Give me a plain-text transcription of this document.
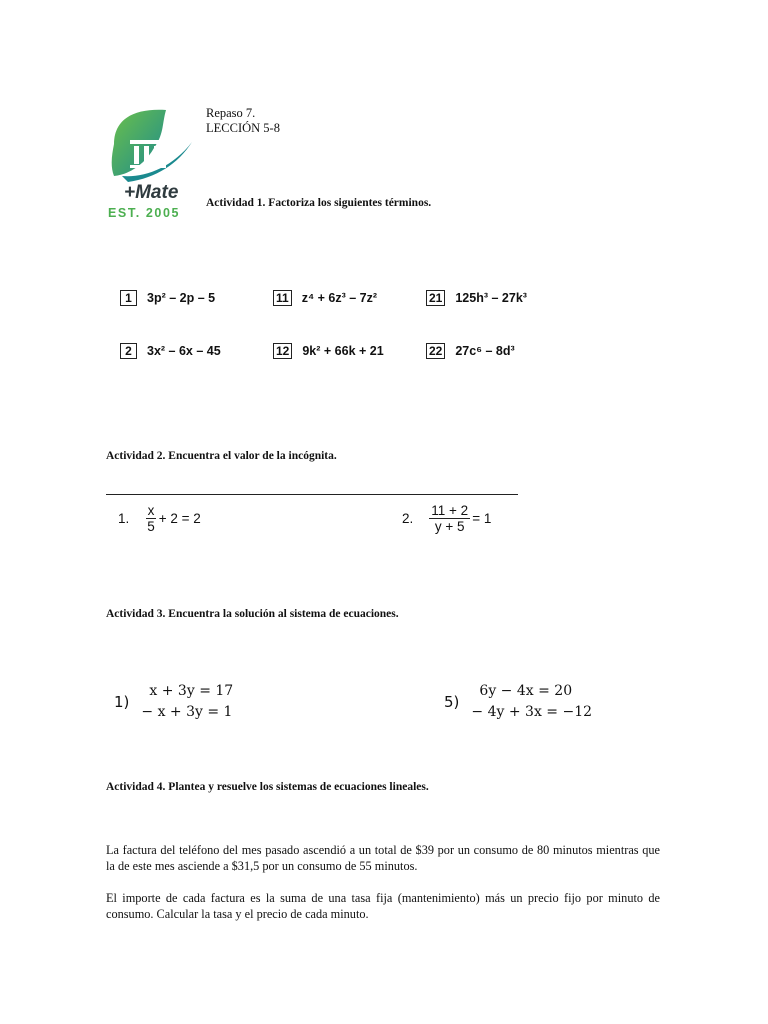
+Mate
EST. 2005
Repaso 7.
LECCIÓN 5-8
Actividad 1. Factoriza los siguientes términos.
1	3p² – 2p – 5	11 z⁴ + 6z³ – 7z²	21 125h³ – 27k³
2	3x² – 6x – 45	12 9k² + 66k + 21	22 27c⁶ – 8d³
Actividad 2. Encuentra el valor de la incógnita.
1. $\frac{x}{5} + 2 = 2$	2. $\frac{11 + 2}{y + 5} = 1$
Actividad 3. Encuentra la solución al sistema de ecuaciones.
1)
x + 3y = 17
− x + 3y = 1
5)
6y − 4x = 20
− 4y + 3x = −12
Actividad 4. Plantea y resuelve los sistemas de ecuaciones lineales.
La factura del teléfono del mes pasado ascendió a un total de $39 por un consumo de 80 minutos mientras que la de este mes asciende a $31,5 por un consumo de 55 minutos.
El importe de cada factura es la suma de una tasa fija (mantenimiento) más un precio fijo por minuto de consumo. Calcular la tasa y el precio de cada minuto.
